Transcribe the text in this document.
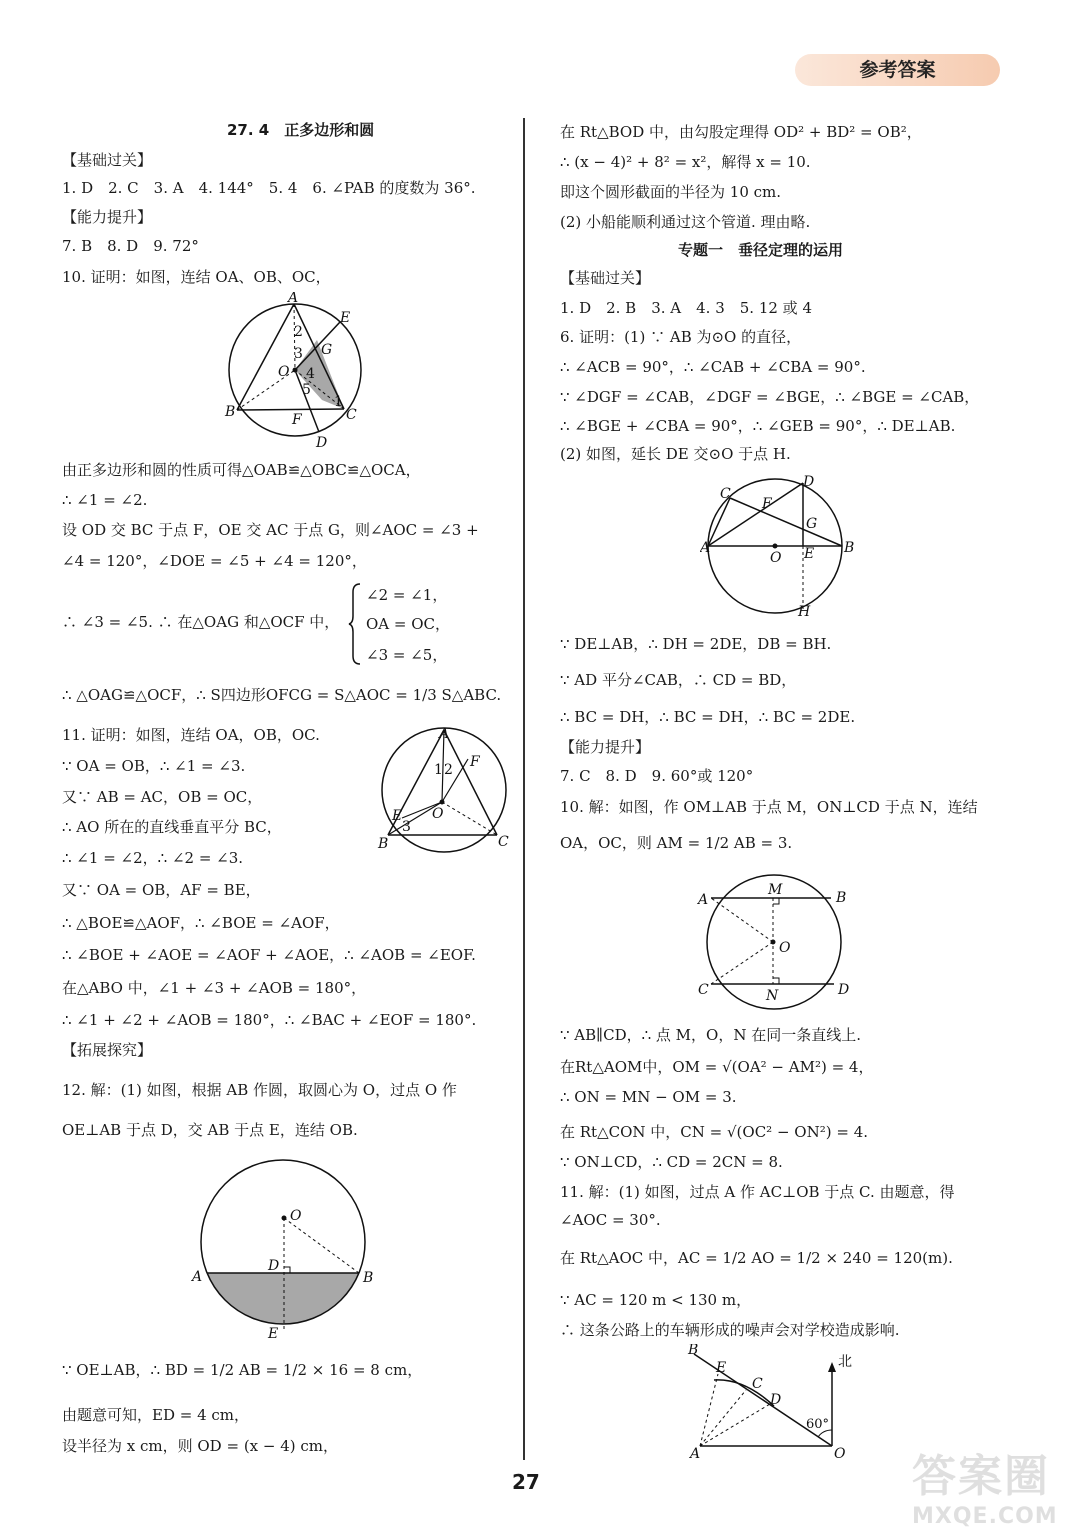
参考答案
27. 4　正多边形和圆
【基础过关】
1. D　2. C　3. A　4. 144°　5. 4　6. ∠PAB 的度数为 36°.
【能力提升】
7. B　8. D　9. 72°
10. 证明：如图，连结 OA、OB、OC，
A
E
2
G
O
3
4
5
1
B	F	C
D
由正多边形和圆的性质可得△OAB≌△OBC≌△OCA，
∴ ∠1 = ∠2.
设 OD 交 BC 于点 F，OE 交 AC 于点 G，则∠AOC = ∠3 +
∠4 = 120°，∠DOE = ∠5 + ∠4 = 120°，
∴ ∠3 = ∠5. ∴ 在△OAG 和△OCF 中，
∠2 = ∠1，
OA = OC，
∠3 = ∠5，
∴ △OAG≌△OCF，∴ S四边形OFCG = S△AOC = 1/3 S△ABC.
11. 证明：如图，连结 OA，OB，OC.
∵ OA = OB，∴ ∠1 = ∠3.
又∵ AB = AC，OB = OC，
∴ AO 所在的直线垂直平分 BC，
∴ ∠1 = ∠2，∴ ∠2 = ∠3.
又∵ OA = OB，AF = BE，
∴ △BOE≌△AOF，∴ ∠BOE = ∠AOF，
∴ ∠BOE + ∠AOE = ∠AOF + ∠AOE，∴ ∠AOB = ∠EOF.
在△ABO 中，∠1 + ∠3 + ∠AOB = 180°，
∴ ∠1 + ∠2 + ∠AOB = 180°，∴ ∠BAC + ∠EOF = 180°.
【拓展探究】
12. 解：(1) 如图，根据 AB 作圆，取圆心为 O，过点 O 作
OE⊥AB 于点 D，交 AB 于点 E，连结 OB.
A
F
1 2
E O
3
B	C
O
D
A	B
E
∵ OE⊥AB，∴ BD = 1/2 AB = 1/2 × 16 = 8 cm，
由题意可知，ED = 4 cm，
设半径为 x cm，则 OD = (x − 4) cm，
在 Rt△BOD 中，由勾股定理得 OD² + BD² = OB²，
∴ (x − 4)² + 8² = x²，解得 x = 10.
即这个圆形截面的半径为 10 cm.
(2) 小船能顺利通过这个管道. 理由略.
专题一　垂径定理的运用
【基础过关】
1. D　2. B　3. A　4. 3　5. 12 或 4
6. 证明：(1) ∵ AB 为⊙O 的直径，
∴ ∠ACB = 90°，∴ ∠CAB + ∠CBA = 90°.
∵ ∠DGF = ∠CAB，∠DGF = ∠BGE，∴ ∠BGE = ∠CAB，
∴ ∠BGE + ∠CBA = 90°，∴ ∠GEB = 90°，∴ DE⊥AB.
(2) 如图，延长 DE 交⊙O 于点 H.
C
D
F
G
A
O E B
H
∵ DE⊥AB，∴ DH = 2DE，DB = BH.
∵ AD 平分∠CAB，∴ CD = BD，
∴ BC = DH，∴ BC = DH，∴ BC = 2DE.
【能力提升】
7. C　8. D　9. 60°或 120°
10. 解：如图，作 OM⊥AB 于点 M，ON⊥CD 于点 N，连结
OA，OC，则 AM = 1/2 AB = 3.
A
M	B
O
C	N	D
∵ AB∥CD，∴ 点 M，O，N 在同一条直线上.
在Rt△AOM中，OM = √(OA² − AM²) = 4，
∴ ON = MN − OM = 3.
在 Rt△CON 中，CN = √(OC² − ON²) = 4.
∵ ON⊥CD，∴ CD = 2CN = 8.
11. 解：(1) 如图，过点 A 作 AC⊥OB 于点 C. 由题意，得
∠AOC = 30°.
在 Rt△AOC 中，AC = 1/2 AO = 1/2 × 240 = 120(m).
∵ AC = 120 m < 130 m，
∴ 这条公路上的车辆形成的噪声会对学校造成影响.
B
E
C
D
北
60°
A	O
27	答案圈
MXQE.COM
